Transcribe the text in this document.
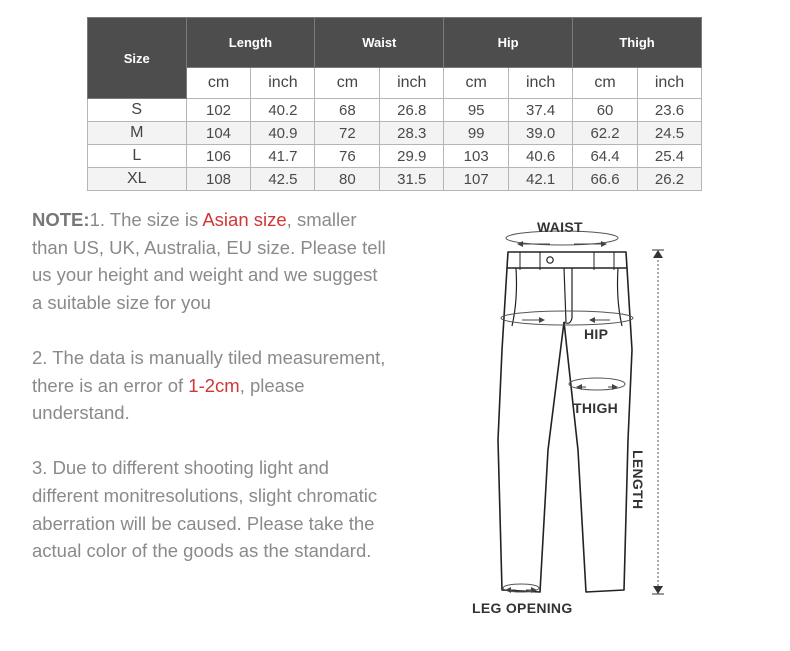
Size	Length		Waist		Hip		Thigh	
	cm	inch	cm	inch	cm	inch	cm	inch
S	102	40.2	68	26.8	95	37.4	60	23.6
M	104	40.9	72	28.3	99	39.0	62.2	24.5
L	106	41.7	76	29.9	103	40.6	64.4	25.4
XL	108	42.5	80	31.5	107	42.1	66.6	26.2

NOTE:1. The size is Asian size, smaller than US, UK, Australia, EU size. Please tell us your height and weight and we suggest a suitable size for you

2. The data is manually tiled measurement, there is an error of 1-2cm, please understand.

3. Due to different shooting light and different monitresolutions, slight chromatic aberration will be caused. Please take the actual color of the goods as the standard.

WAIST
HIP
THIGH
LENGTH
LEG OPENING
